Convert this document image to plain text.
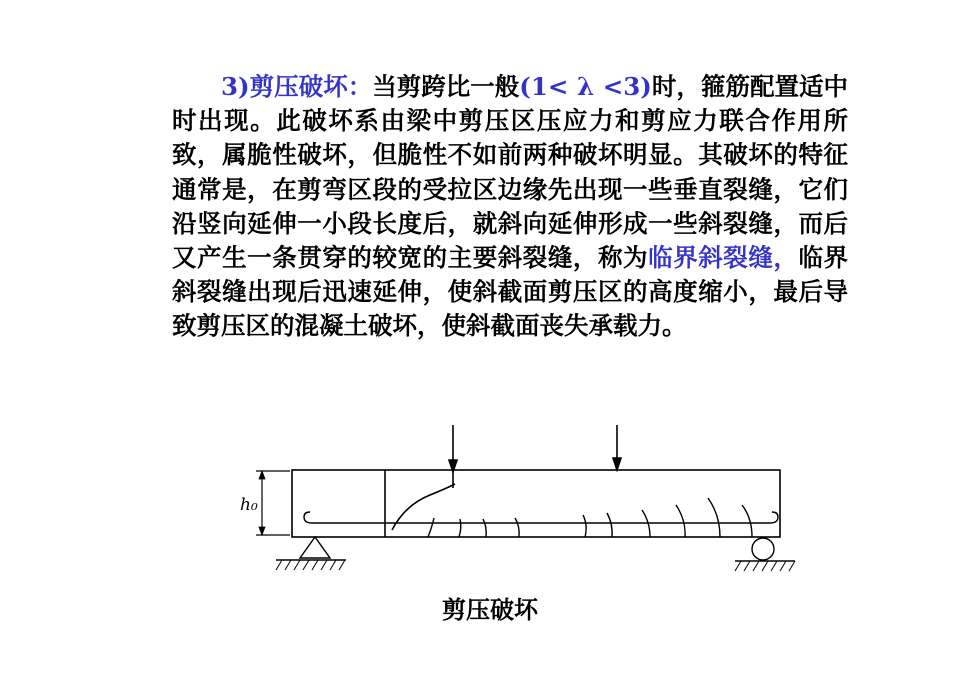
3)剪压破坏：当剪跨比一般(1< λ <3)时，箍筋配置适中时出现。此破坏系由梁中剪压区压应力和剪应力联合作用所致，属脆性破坏，但脆性不如前两种破坏明显。其破坏的特征通常是，在剪弯区段的受拉区边缘先出现一些垂直裂缝，它们沿竖向延伸一小段长度后，就斜向延伸形成一些斜裂缝，而后又产生一条贯穿的较宽的主要斜裂缝，称为临界斜裂缝，临界斜裂缝出现后迅速延伸，使斜截面剪压区的高度缩小，最后导致剪压区的混凝土破坏，使斜截面丧失承载力。

h₀
剪压破坏
